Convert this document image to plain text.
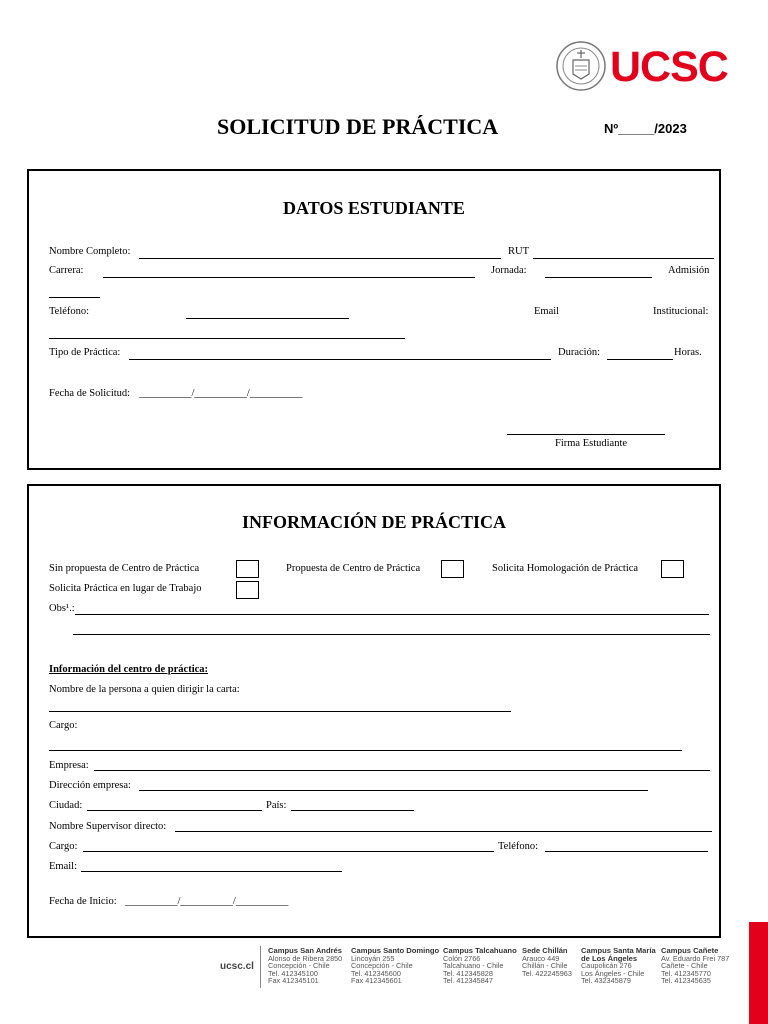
UCSC
SOLICITUD DE PRÁCTICA	Nº_____/2023
DATOS ESTUDIANTE
Nombre Completo:	RUT
Carrera:	Jornada:	Admisión
Teléfono:	Email	Institucional:
Tipo de Práctica:	Duración:	Horas.
Fecha de Solicitud: __________/__________/__________
Firma Estudiante
INFORMACIÓN DE PRÁCTICA
Sin propuesta de Centro de Práctica	Propuesta de Centro de Práctica	Solicita Homologación de Práctica
Solicita Práctica en lugar de Trabajo
Obs¹.:
Información del centro de práctica:
Nombre de la persona a quien dirigir la carta:
Cargo:
Empresa:
Dirección empresa:
Ciudad:	País:
Nombre Supervisor directo:
Cargo:	Teléfono:
Email:
Fecha de Inicio: __________/__________/__________
ucsc.cl
Campus San Andrés
Alonso de Ribera 2850
Concepción - Chile
Tel. 412345100
Fax 412345101
Campus Santo Domingo
Lincoyán 255
Concepción - Chile
Tel. 412345600
Fax 412345601
Campus Talcahuano
Colón 2766
Talcahuano - Chile
Tel. 412345828
Tel. 412345847
Sede Chillán
Arauco 449
Chillán - Chile
Tel. 422245963
Campus Santa María de Los Ángeles
Caupolicán 276
Los Ángeles - Chile
Tel. 432345879
Campus Cañete
Av. Eduardo Frei 787
Cañete - Chile
Tel. 412345770
Tel. 412345635
